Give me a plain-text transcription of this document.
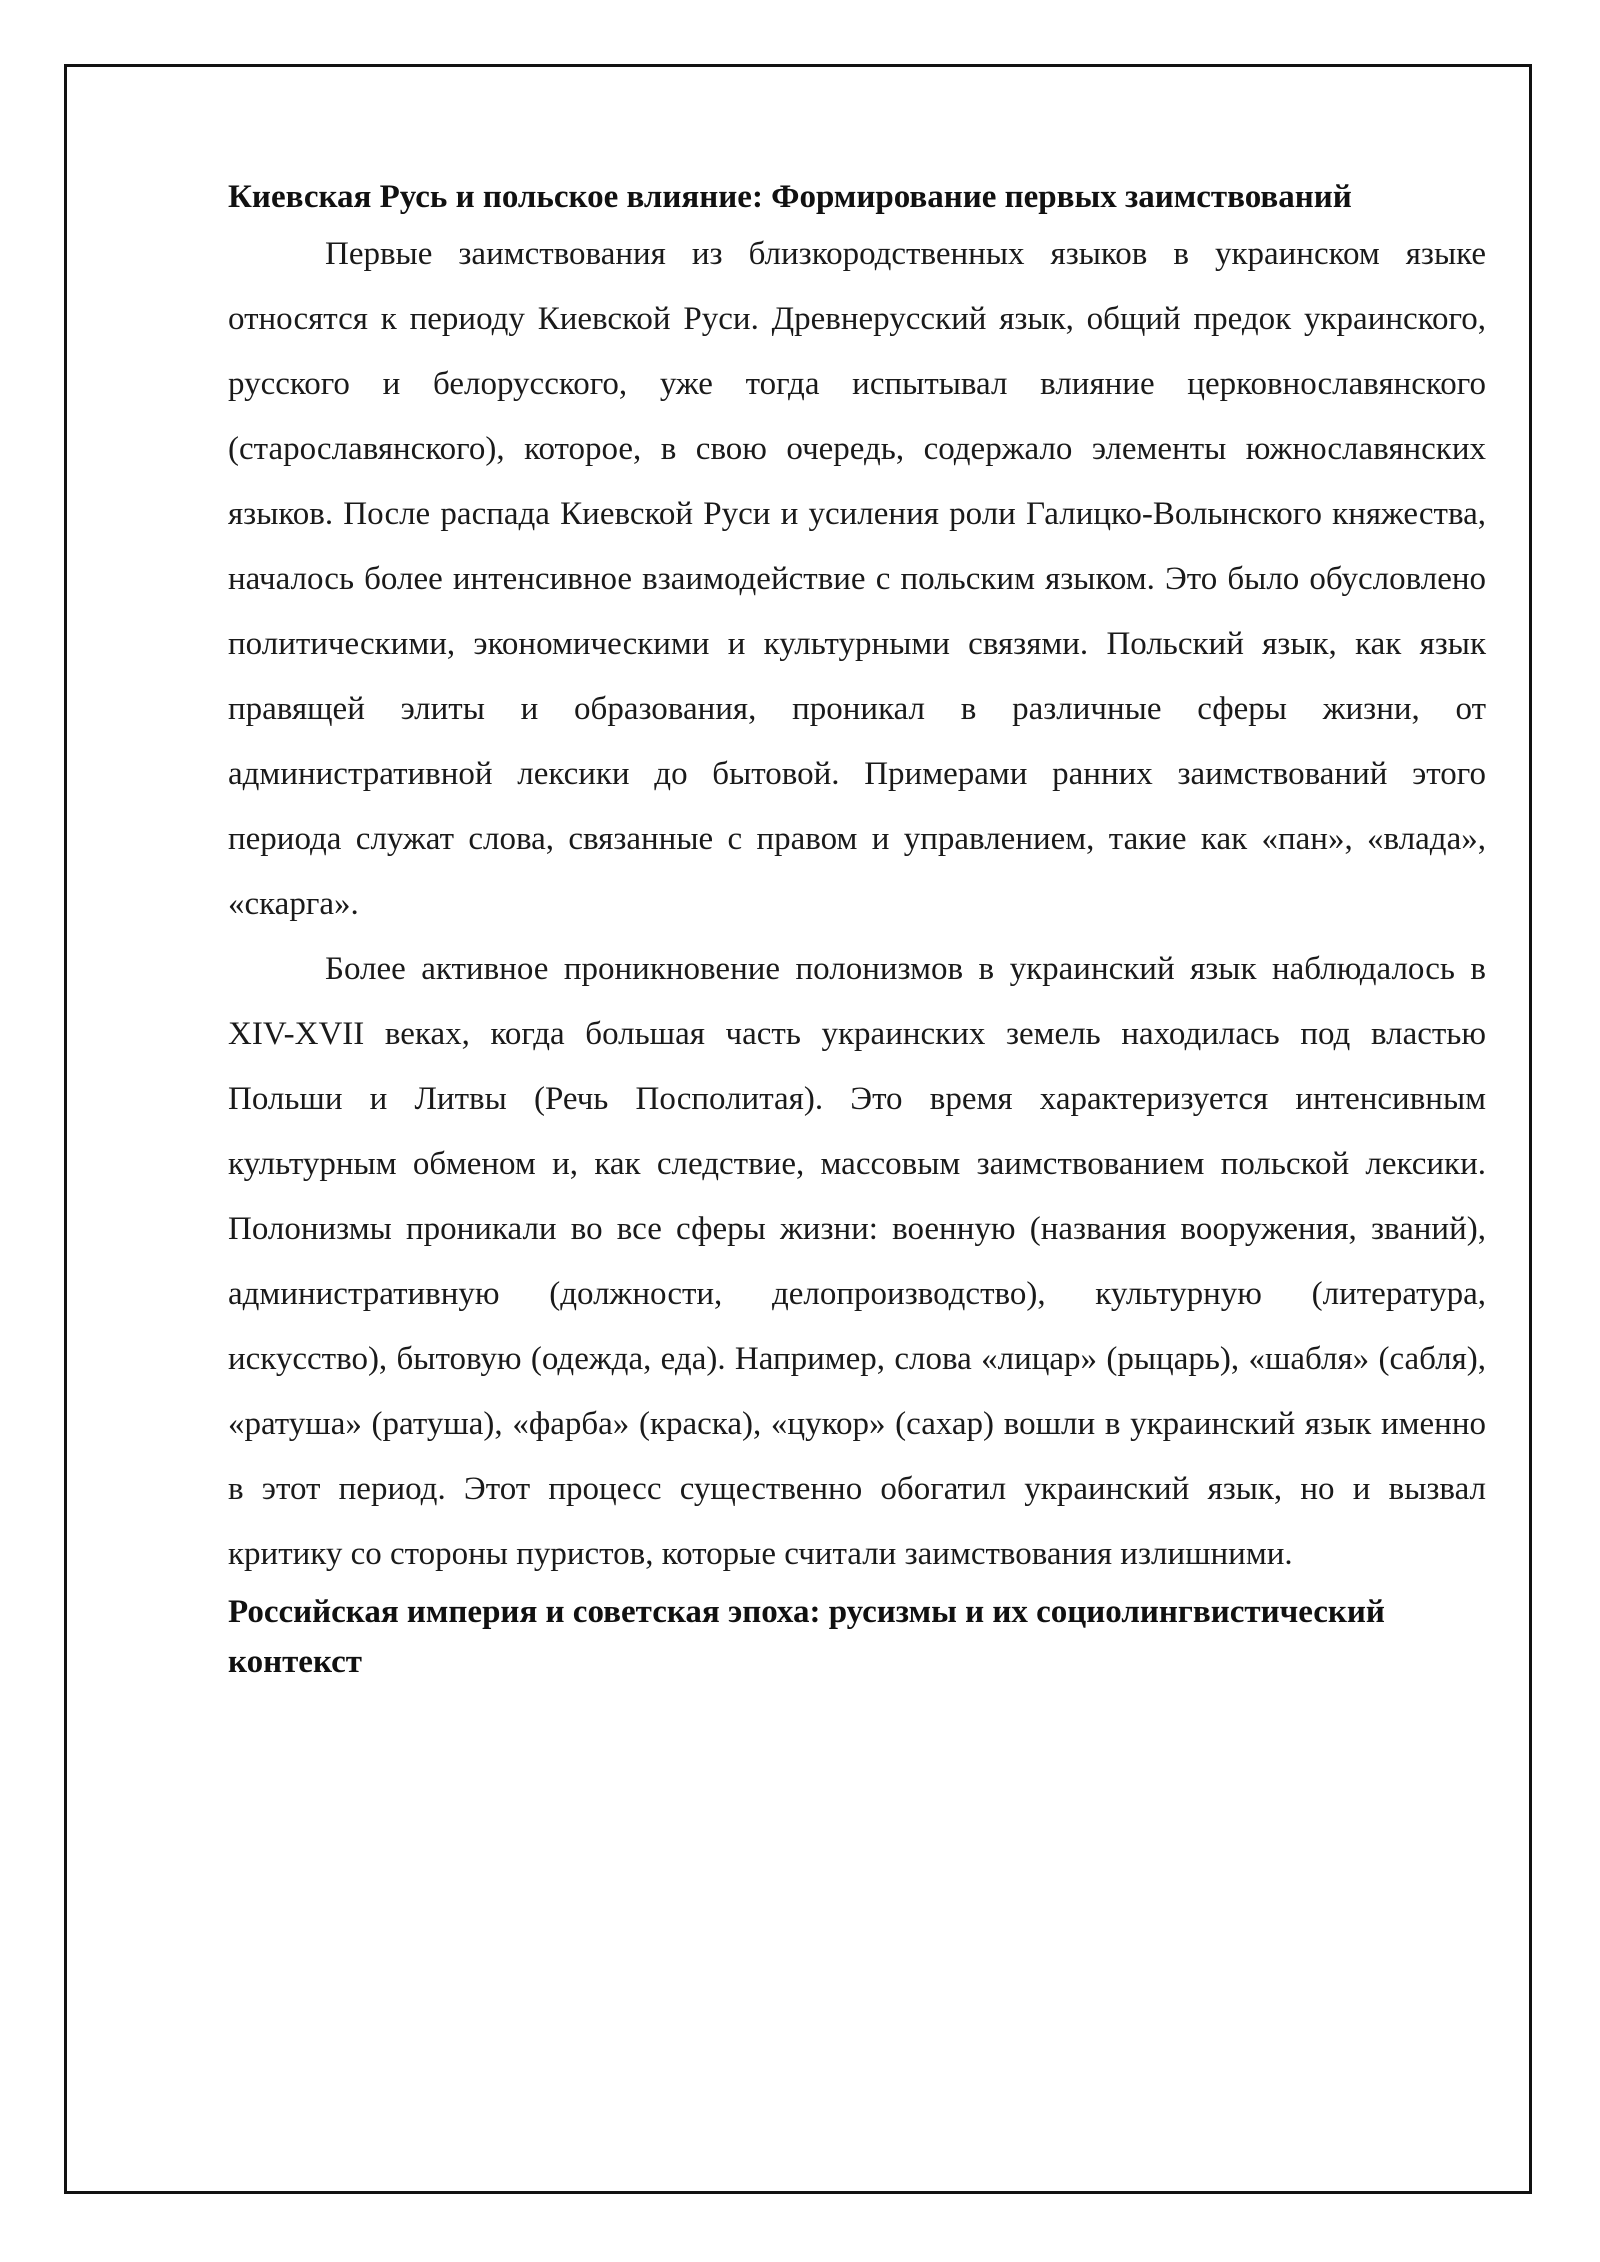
Киевская Русь и польское влияние: Формирование первых заимствований

Первые заимствования из близкородственных языков в украинском языке относятся к периоду Киевской Руси. Древнерусский язык, общий предок украинского, русского и белорусского, уже тогда испытывал влияние церковнославянского (старославянского), которое, в свою очередь, содержало элементы южнославянских языков. После распада Киевской Руси и усиления роли Галицко-Волынского княжества, началось более интенсивное взаимодействие с польским языком. Это было обусловлено политическими, экономическими и культурными связями. Польский язык, как язык правящей элиты и образования, проникал в различные сферы жизни, от административной лексики до бытовой. Примерами ранних заимствований этого периода служат слова, связанные с правом и управлением, такие как «пан», «влада», «скарга».

Более активное проникновение полонизмов в украинский язык наблюдалось в XIV-XVII веках, когда большая часть украинских земель находилась под властью Польши и Литвы (Речь Посполитая). Это время характеризуется интенсивным культурным обменом и, как следствие, массовым заимствованием польской лексики. Полонизмы проникали во все сферы жизни: военную (названия вооружения, званий), административную (должности, делопроизводство), культурную (литература, искусство), бытовую (одежда, еда). Например, слова «лицар» (рыцарь), «шабля» (сабля), «ратуша» (ратуша), «фарба» (краска), «цукор» (сахар) вошли в украинский язык именно в этот период. Этот процесс существенно обогатил украинский язык, но и вызвал критику со стороны пуристов, которые считали заимствования излишними.

Российская империя и советская эпоха: русизмы и их социолингвистический контекст
